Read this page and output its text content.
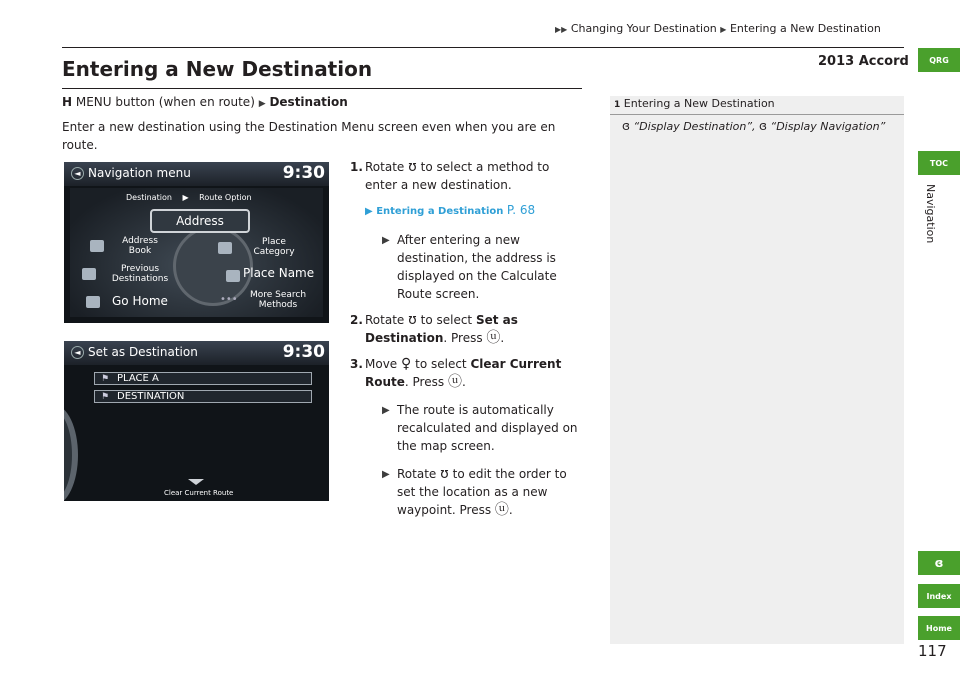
▶▶ Changing Your Destination ▶ Entering a New Destination
2013 Accord	QRG
TOC
Navigation
ɞ
Index
Home
Entering a New Destination
H MENU button (when en route) ▶ Destination
Enter a new destination using the Destination Menu screen even when you are en route.
◄ Navigation menu	9:30
Destination ▶ Route Option
Address
Address Book
Previous Destinations
Go Home
Place Category
Place Name
•••	More Search Methods
◄ Set as Destination	9:30
⚑ PLACE A
⚑ DESTINATION
Clear Current Route
1. Rotate ʊ to select a method to enter a new destination.
▶ Entering a Destination P. 68
▶ After entering a new destination, the address is displayed on the Calculate Route screen.
2. Rotate ʊ to select Set as Destination. Press ⓤ.
3. Move ♀ to select Clear Current Route. Press ⓤ.
▶ The route is automatically recalculated and displayed on the map screen.
▶ Rotate ʊ to edit the order to set the location as a new waypoint. Press ⓤ.
1 Entering a New Destination
ɞ “Display Destination”, ɞ “Display Navigation”
117
